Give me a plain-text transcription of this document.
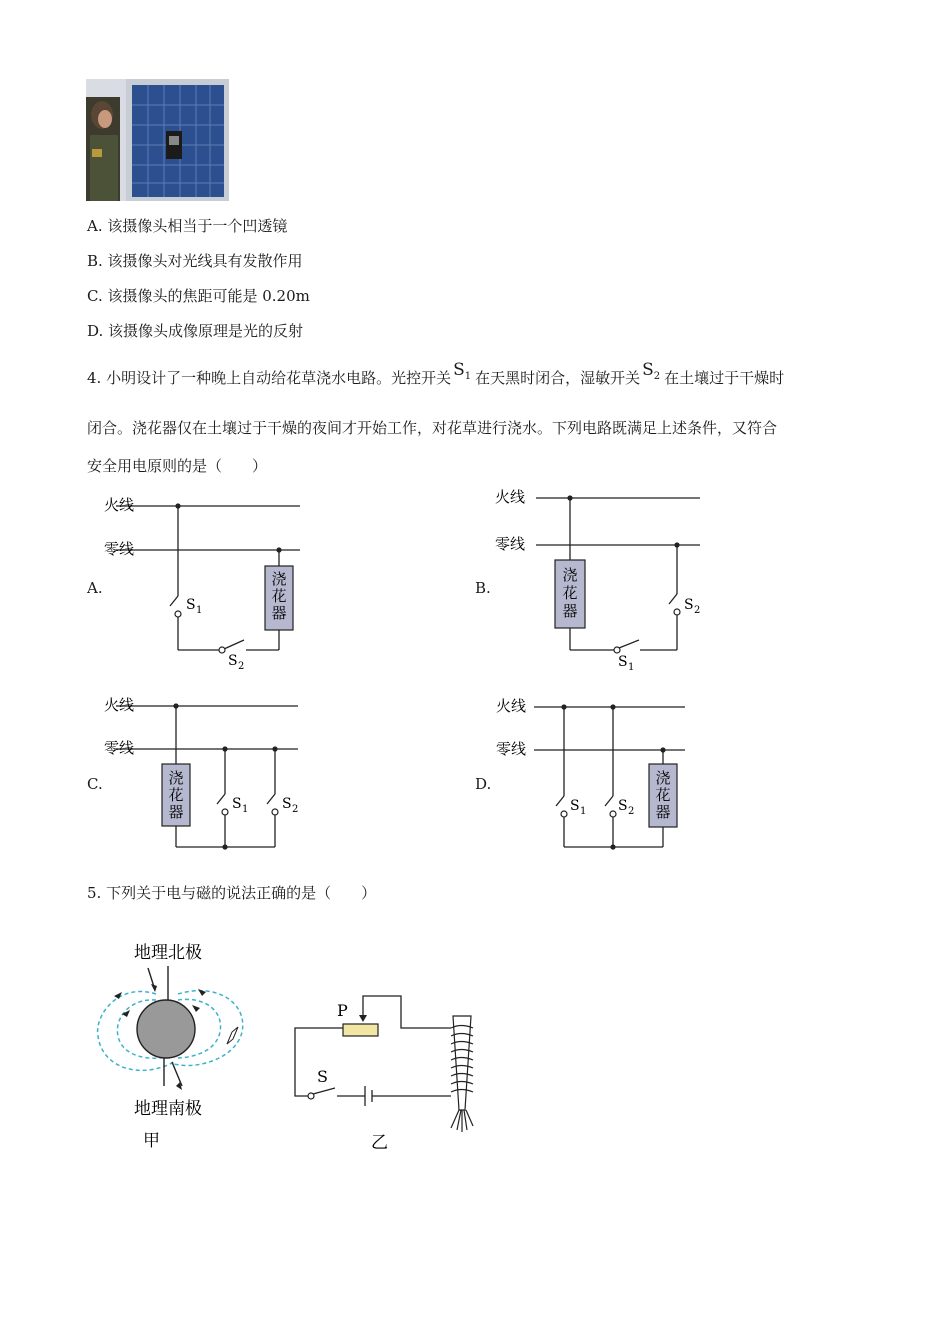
A. 该摄像头相当于一个凹透镜
B. 该摄像头对光线具有发散作用
C. 该摄像头的焦距可能是 0.20m
D. 该摄像头成像原理是光的反射
4. 小明设计了一种晚上自动给花草浇水电路。光控开关 $S^1$ 在天黑时闭合，湿敏开关 $S^2$ 在土壤过于干燥时
闭合。浇花器仅在土壤过于干燥的夜间才开始工作，对花草进行浇水。下列电路既满足上述条件，又符合
安全用电原则的是（　　）
A.	B.
C.	D.
火线
零线
浇
花
器
S 1
S 2
火线
零线
浇
花
器	S 2
S 1
火线
零线
浇
花
器	S 1 S 2
火线
零线
浇
花
器
S 1 S 2
5. 下列关于电与磁的说法正确的是（　　）
地理北极
地理南极
甲
P
S
乙
